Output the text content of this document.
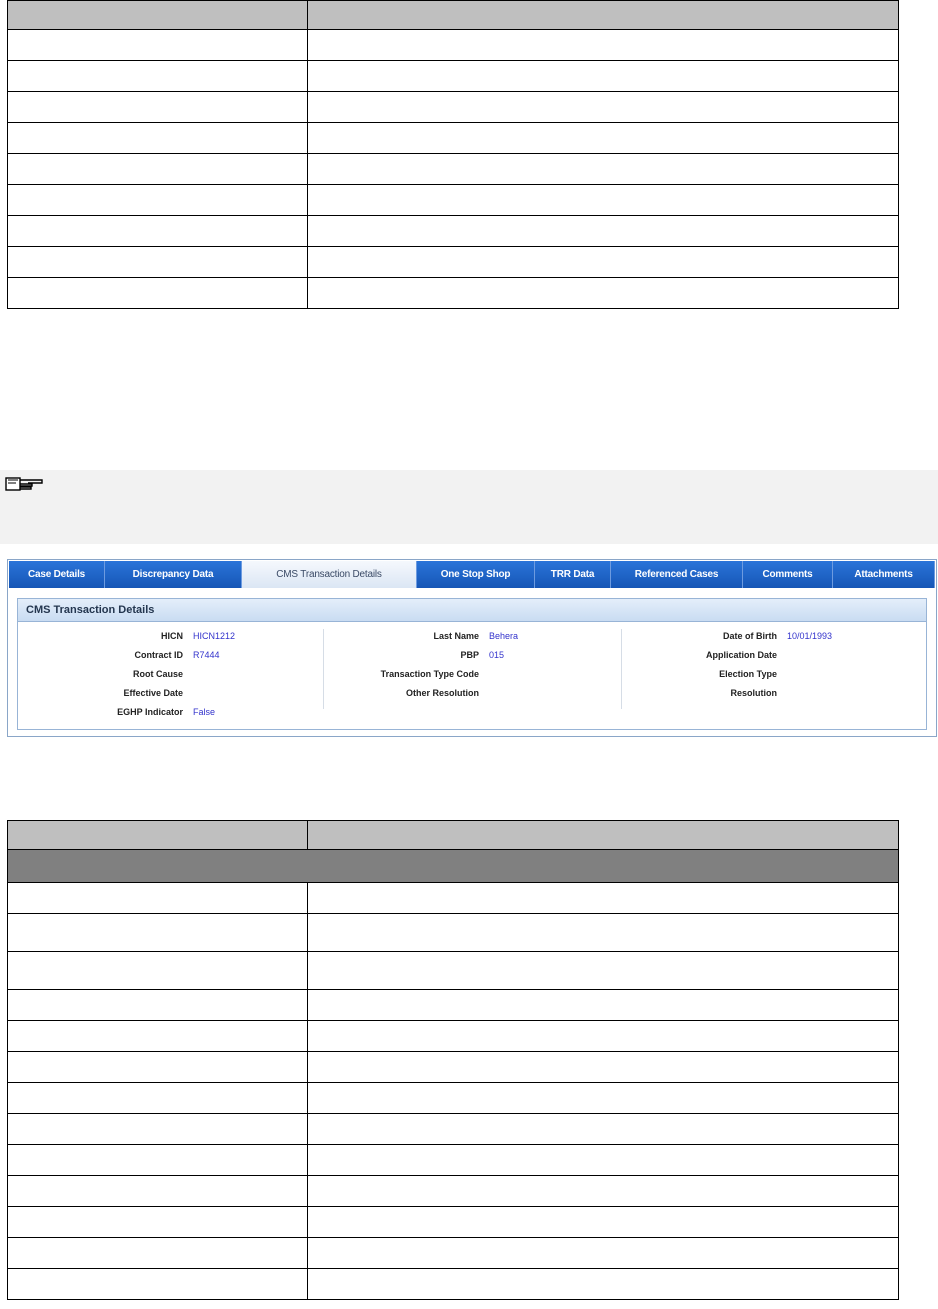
Case Details	Discrepancy Data	CMS Transaction Details	One Stop Shop	TRR Data	Referenced Cases	Comments	Attachments
CMS Transaction Details
HICN HICN1212
Contract ID R7444
Root Cause
Effective Date
EGHP Indicator False
Last Name Behera
PBP 015
Transaction Type Code
Other Resolution
Date of Birth 10/01/1993
Application Date
Election Type
Resolution
